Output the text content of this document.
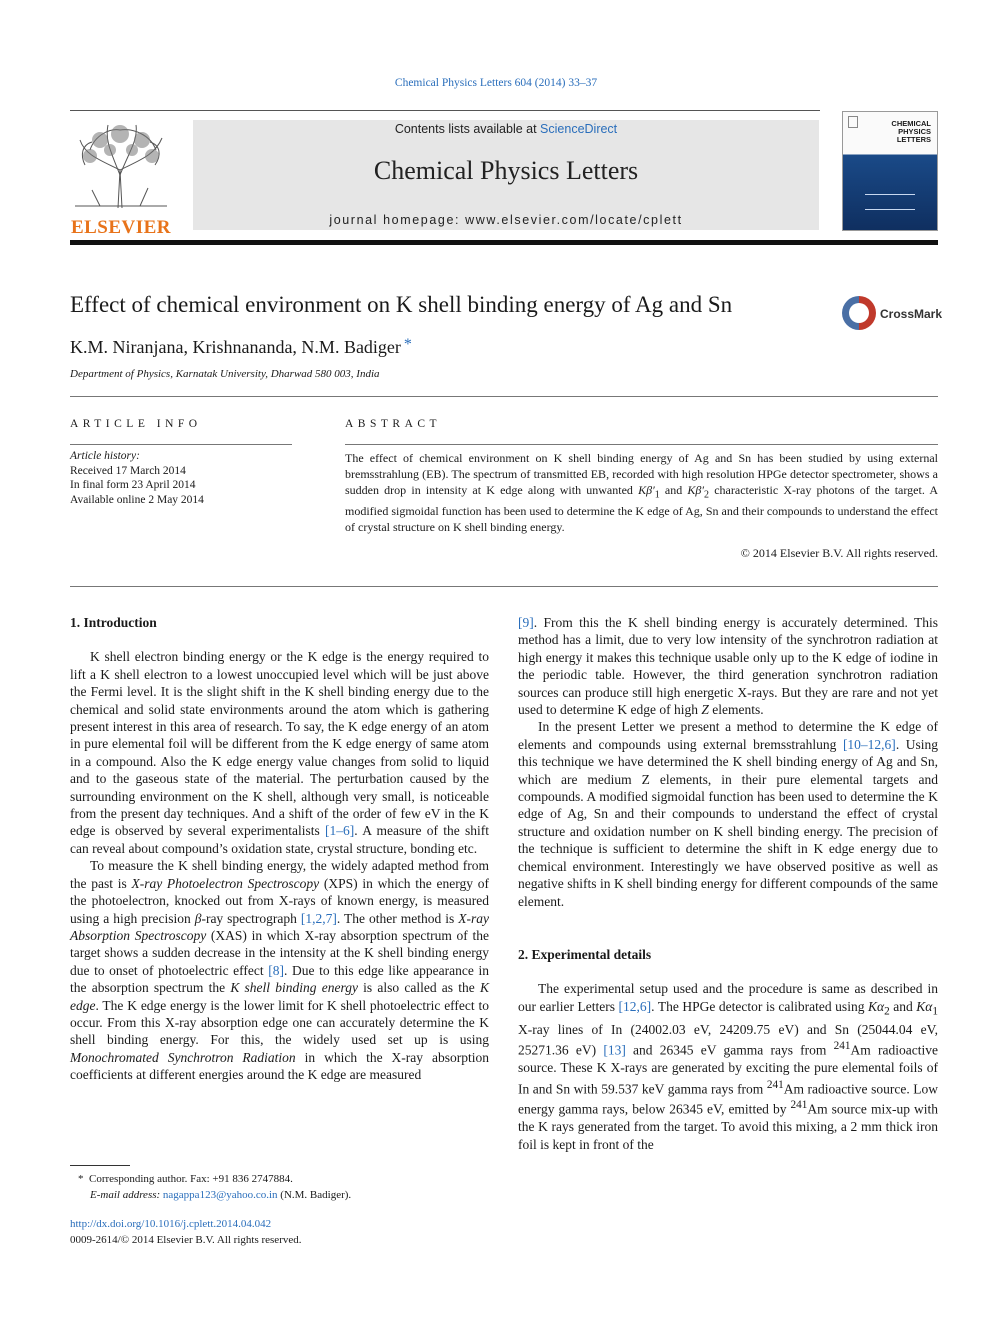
Chemical Physics Letters 604 (2014) 33–37
ELSEVIER
Contents lists available at ScienceDirect
Chemical Physics Letters
journal homepage: www.elsevier.com/locate/cplett
CHEMICAL
PHYSICS
LETTERS
Effect of chemical environment on K shell binding energy of Ag and Sn	CrossMark
K.M. Niranjana, Krishnananda, N.M. Badiger *
Department of Physics, Karnatak University, Dharwad 580 003, India
ARTICLE INFO
Article history:
Received 17 March 2014
In final form 23 April 2014
Available online 2 May 2014
ABSTRACT
The effect of chemical environment on K shell binding energy of Ag and Sn has been studied by using external bremsstrahlung (EB). The spectrum of transmitted EB, recorded with high resolution HPGe detector spectrometer, shows a sudden drop in intensity at K edge along with unwanted $K\beta'_1$ and $K\beta'_2$ characteristic X-ray photons of the target. A modified sigmoidal function has been used to determine the K edge of Ag, Sn and their compounds to understand the effect of crystal structure on K shell binding energy.
© 2014 Elsevier B.V. All rights reserved.
1. Introduction

K shell electron binding energy or the K edge is the energy required to lift a K shell electron to a lowest unoccupied level which will be just above the Fermi level. It is the slight shift in the K shell binding energy due to the chemical and solid state environments around the atom which is gathering present interest in this area of research. To say, the K edge energy of an atom in pure elemental foil will be different from the K edge energy of same atom in a compound. Also the K edge energy value changes from solid to liquid and to the gaseous state of the material. The perturbation caused by the surrounding environment on the K shell, although very small, is noticeable from the present day techniques. And a shift of the order of few eV in the K edge is observed by several experimentalists [1–6]. A measure of the shift can reveal about compound’s oxidation state, crystal structure, bonding etc.

To measure the K shell binding energy, the widely adapted method from the past is X-ray Photoelectron Spectroscopy (XPS) in which the energy of the photoelectron, knocked out from X-rays of known energy, is measured using a high precision β-ray spectrograph [1,2,7]. The other method is X-ray Absorption Spectroscopy (XAS) in which X-ray absorption spectrum of the target shows a sudden decrease in the intensity at the K shell binding energy due to onset of photoelectric effect [8]. Due to this edge like appearance in the absorption spectrum the K shell binding energy is also called as the K edge. The K edge energy is the lower limit for K shell photoelectric effect to occur. From this X-ray absorption edge one can accurately determine the K shell binding energy. For this, the widely used set up is using Monochromated Synchrotron Radiation in which the X-ray absorption coefficients at different energies around the K edge are measured

[9]. From this the K shell binding energy is accurately determined. This method has a limit, due to very low intensity of the synchrotron radiation at high energy it makes this technique usable only up to the K edge of iodine in the periodic table. However, the third generation synchrotron radiation sources can produce still high energetic X-rays. But they are rare and not yet used to determine K edge of high Z elements.

In the present Letter we present a method to determine the K edge of elements and compounds using external bremsstrahlung [10–12,6]. Using this technique we have determined the K shell binding energy of Ag and Sn, which are medium Z elements, in their pure elemental targets and compounds. A modified sigmoidal function has been used to determine the K edge of Ag, Sn and their compounds to understand the effect of crystal structure and oxidation number on K shell binding energy. The precision of the technique is sufficient to determine the shift in K edge energy due to chemical environment. Interestingly we have observed positive as well as negative shifts in K shell binding energy for different compounds of the same element.

2. Experimental details

The experimental setup used and the procedure is same as described in our earlier Letters [12,6]. The HPGe detector is calibrated using $K\alpha_2$ and $K\alpha_1$ X-ray lines of In (24002.03 eV, 24209.75 eV) and Sn (25044.04 eV, 25271.36 eV) [13] and 26345 eV gamma rays from $^{241}$Am radioactive source. These K X-rays are generated by exciting the pure elemental foils of In and Sn with 59.537 keV gamma rays from $^{241}$Am radioactive source. Low energy gamma rays, below 26345 eV, emitted by $^{241}$Am source mix-up with the K rays generated from the target. To avoid this mixing, a 2 mm thick iron foil is kept in front of the

* Corresponding author. Fax: +91 836 2747884.
E-mail address: nagappa123@yahoo.co.in (N.M. Badiger).
http://dx.doi.org/10.1016/j.cplett.2014.04.042
0009-2614/© 2014 Elsevier B.V. All rights reserved.
